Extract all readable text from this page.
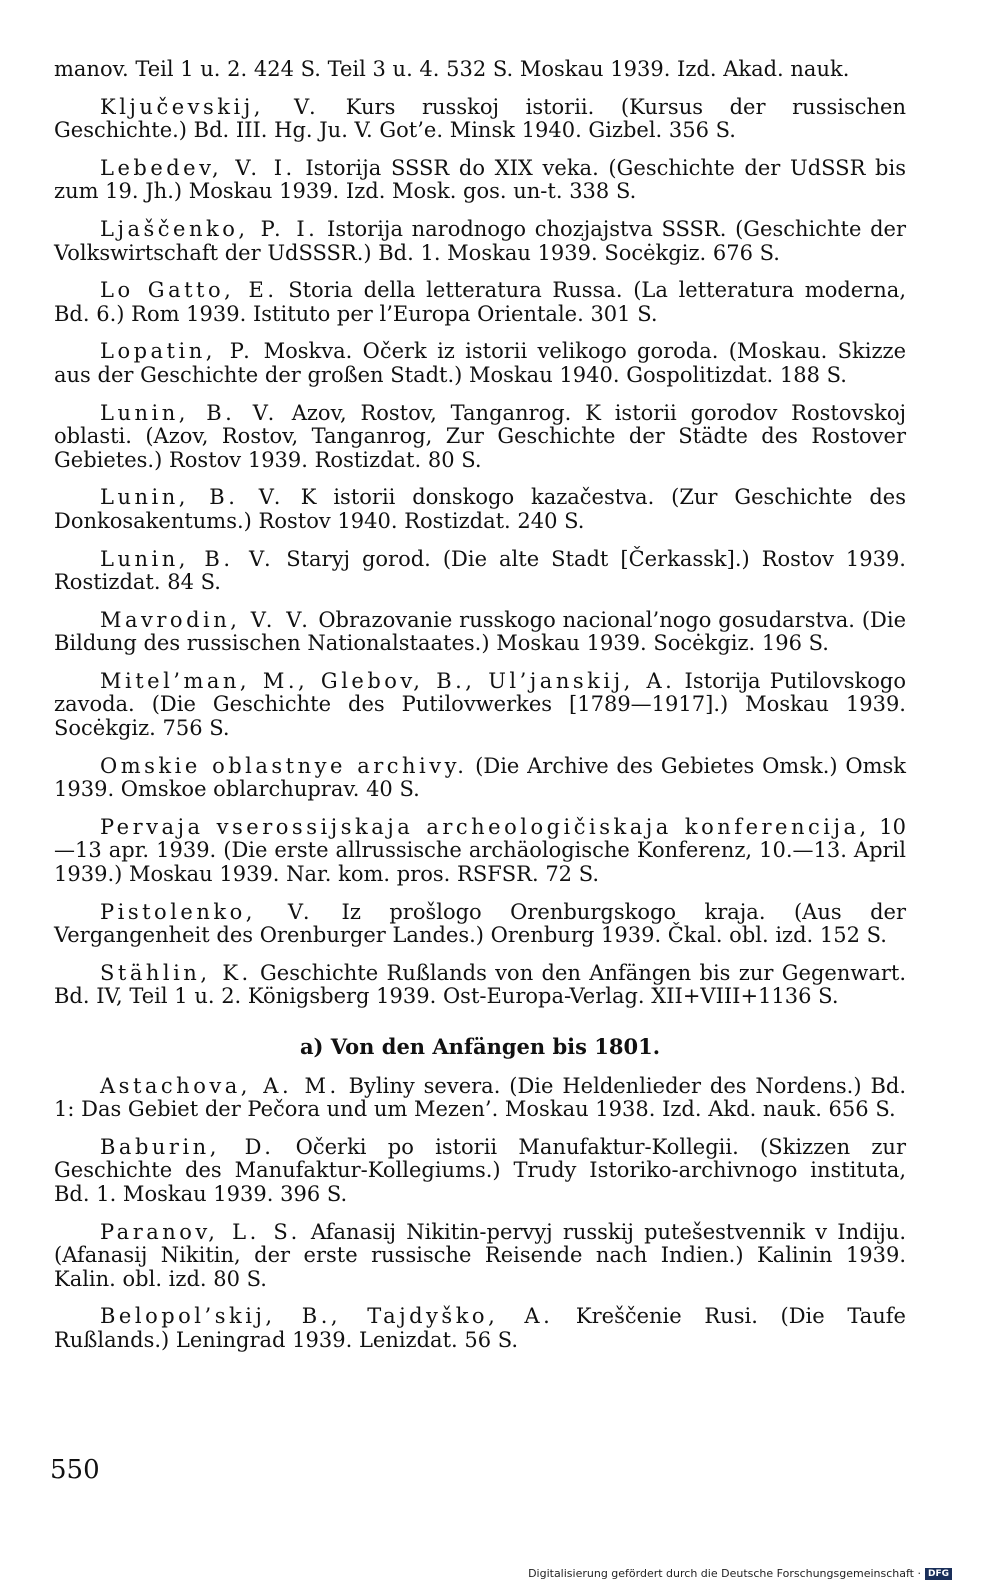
manov. Teil 1 u. 2. 424 S. Teil 3 u. 4. 532 S. Moskau 1939. Izd. Akad. nauk.

Ključevskij, V. Kurs russkoj istorii. (Kursus der russischen Geschichte.) Bd. III. Hg. Ju. V. Got’e. Minsk 1940. Gizbel. 356 S.

Lebedev, V. I. Istorija SSSR do XIX veka. (Geschichte der UdSSR bis zum 19. Jh.) Moskau 1939. Izd. Mosk. gos. un-t. 338 S.

Ljaščenko, P. I. Istorija narodnogo chozjajstva SSSR. (Geschichte der Volkswirtschaft der UdSSSR.) Bd. 1. Moskau 1939. Socėkgiz. 676 S.

Lo Gatto, E. Storia della letteratura Russa. (La letteratura moderna, Bd. 6.) Rom 1939. Istituto per l’Europa Orientale. 301 S.

Lopatin, P. Moskva. Očerk iz istorii velikogo goroda. (Moskau. Skizze aus der Geschichte der großen Stadt.) Moskau 1940. Gospolitizdat. 188 S.

Lunin, B. V. Azov, Rostov, Tanganrog. K istorii gorodov Rostovskoj oblasti. (Azov, Rostov, Tanganrog, Zur Geschichte der Städte des Rostover Gebietes.) Rostov 1939. Rostizdat. 80 S.

Lunin, B. V. K istorii donskogo kazačestva. (Zur Geschichte des Donkosakentums.) Rostov 1940. Rostizdat. 240 S.

Lunin, B. V. Staryj gorod. (Die alte Stadt [Čerkassk].) Rostov 1939. Rostizdat. 84 S.

Mavrodin, V. V. Obrazovanie russkogo nacional’nogo gosudarstva. (Die Bildung des russischen Nationalstaates.) Moskau 1939. Socėkgiz. 196 S.

Mitel’man, M., Glebov, B., Ul’janskij, A. Istorija Putilovskogo zavoda. (Die Geschichte des Putilovwerkes [1789—1917].) Moskau 1939. Socėkgiz. 756 S.

Omskie oblastnye archivy. (Die Archive des Gebietes Omsk.) Omsk 1939. Omskoe oblarchuprav. 40 S.

Pervaja vserossijskaja archeologičiskaja konferencija, 10—13 apr. 1939. (Die erste allrussische archäologische Konferenz, 10.—13. April 1939.) Moskau 1939. Nar. kom. pros. RSFSR. 72 S.

Pistolenko, V. Iz prošlogo Orenburgskogo kraja. (Aus der Vergangenheit des Orenburger Landes.) Orenburg 1939. Čkal. obl. izd. 152 S.

Stählin, K. Geschichte Rußlands von den Anfängen bis zur Gegenwart. Bd. IV, Teil 1 u. 2. Königsberg 1939. Ost-Europa-Verlag. XII+VIII+1136 S.

a) Von den Anfängen bis 1801.

Astachova, A. M. Byliny severa. (Die Heldenlieder des Nordens.) Bd. 1: Das Gebiet der Pečora und um Mezen’. Moskau 1938. Izd. Akd. nauk. 656 S.

Baburin, D. Očerki po istorii Manufaktur-Kollegii. (Skizzen zur Geschichte des Manufaktur-Kollegiums.) Trudy Istoriko-archivnogo instituta, Bd. 1. Moskau 1939. 396 S.

Paranov, L. S. Afanasij Nikitin-pervyj russkij putešestvennik v Indiju. (Afanasij Nikitin, der erste russische Reisende nach Indien.) Kalinin 1939. Kalin. obl. izd. 80 S.

Belopol’skij, B., Tajdyško, A. Kreščenie Rusi. (Die Taufe Rußlands.) Leningrad 1939. Lenizdat. 56 S.

550
Digitalisierung gefördert durch die Deutsche Forschungsgemeinschaft · DFG
